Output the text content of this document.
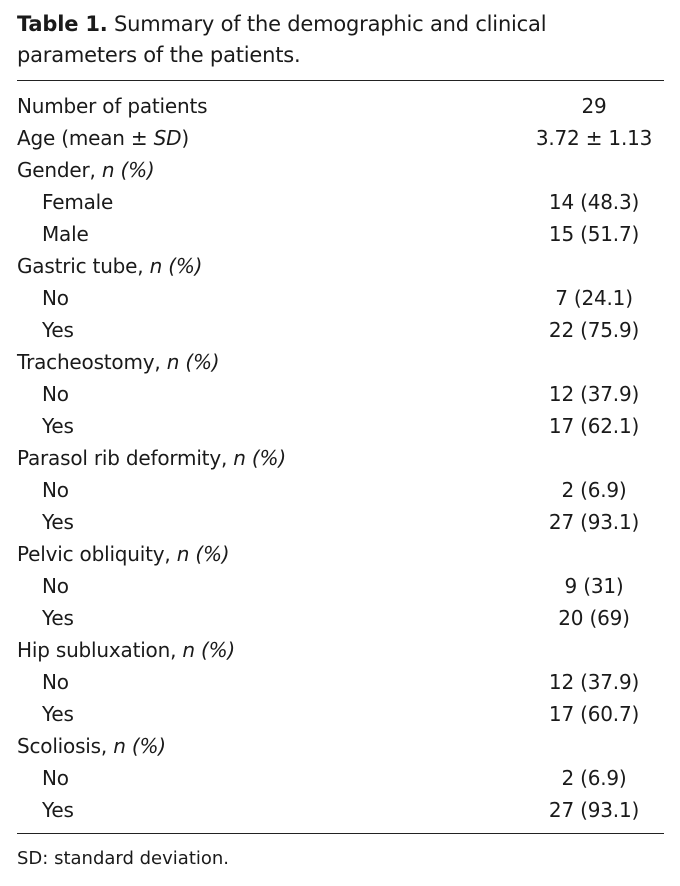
Table 1. Summary of the demographic and clinical parameters of the patients.
Number of patients	29
Age (mean ± SD)	3.72 ± 1.13
Gender, n (%)
Female	14 (48.3)
Male	15 (51.7)
Gastric tube, n (%)
No	7 (24.1)
Yes	22 (75.9)
Tracheostomy, n (%)
No	12 (37.9)
Yes	17 (62.1)
Parasol rib deformity, n (%)
No	2 (6.9)
Yes	27 (93.1)
Pelvic obliquity, n (%)
No	9 (31)
Yes	20 (69)
Hip subluxation, n (%)
No	12 (37.9)
Yes	17 (60.7)
Scoliosis, n (%)
No	2 (6.9)
Yes	27 (93.1)
SD: standard deviation.
